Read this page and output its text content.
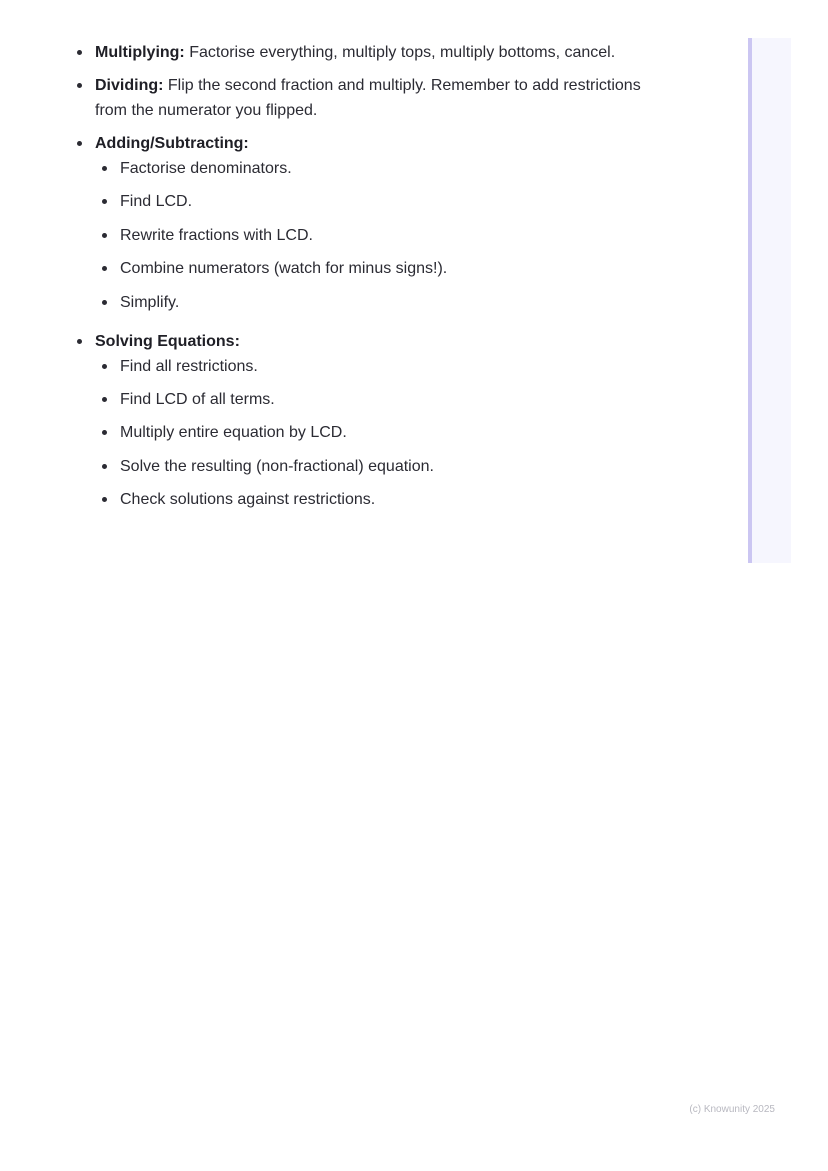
Multiplying: Factorise everything, multiply tops, multiply bottoms, cancel.
Dividing: Flip the second fraction and multiply. Remember to add restrictions from the numerator you flipped.
Adding/Subtracting:
Factorise denominators.
Find LCD.
Rewrite fractions with LCD.
Combine numerators (watch for minus signs!).
Simplify.
Solving Equations:
Find all restrictions.
Find LCD of all terms.
Multiply entire equation by LCD.
Solve the resulting (non-fractional) equation.
Check solutions against restrictions.
(c) Knowunity 2025
